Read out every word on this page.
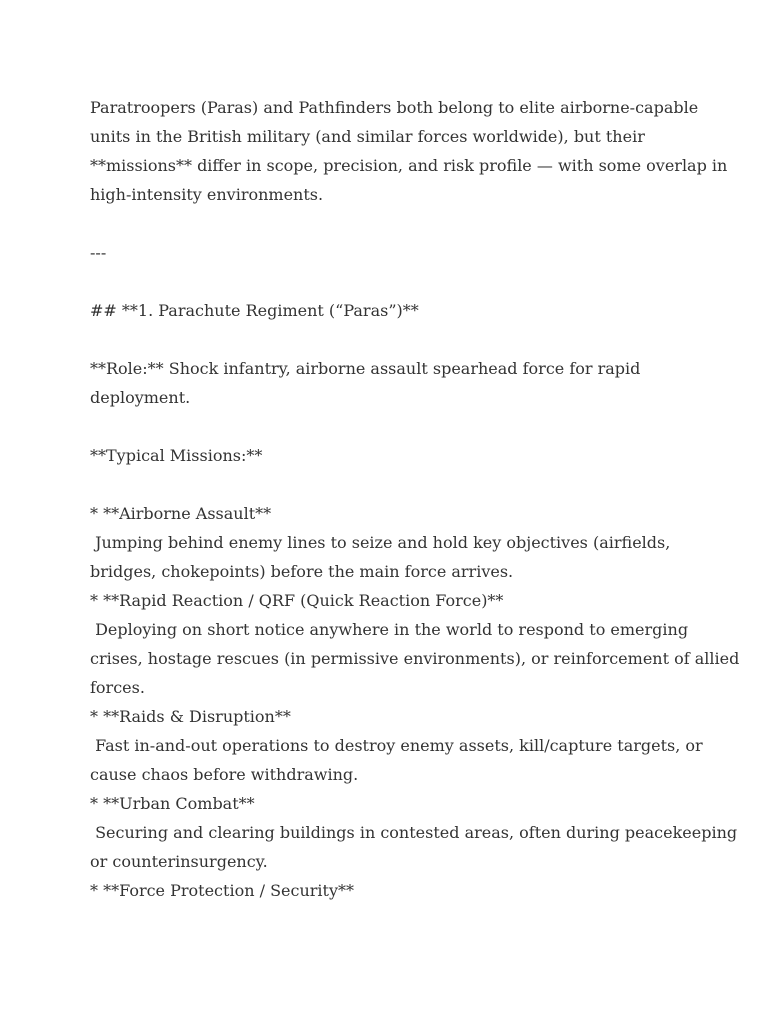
Paratroopers (Paras) and Pathfinders both belong to elite airborne-capable
units in the British military (and similar forces worldwide), but their
**missions** differ in scope, precision, and risk profile — with some overlap in
high-intensity environments.
---
## **1. Parachute Regiment (“Paras”)**
**Role:** Shock infantry, airborne assault spearhead force for rapid
deployment.
**Typical Missions:**
* **Airborne Assault**
Jumping behind enemy lines to seize and hold key objectives (airfields,
bridges, chokepoints) before the main force arrives.
* **Rapid Reaction / QRF (Quick Reaction Force)**
Deploying on short notice anywhere in the world to respond to emerging
crises, hostage rescues (in permissive environments), or reinforcement of allied
forces.
* **Raids & Disruption**
Fast in-and-out operations to destroy enemy assets, kill/capture targets, or
cause chaos before withdrawing.
* **Urban Combat**
Securing and clearing buildings in contested areas, often during peacekeeping
or counterinsurgency.
* **Force Protection / Security**
